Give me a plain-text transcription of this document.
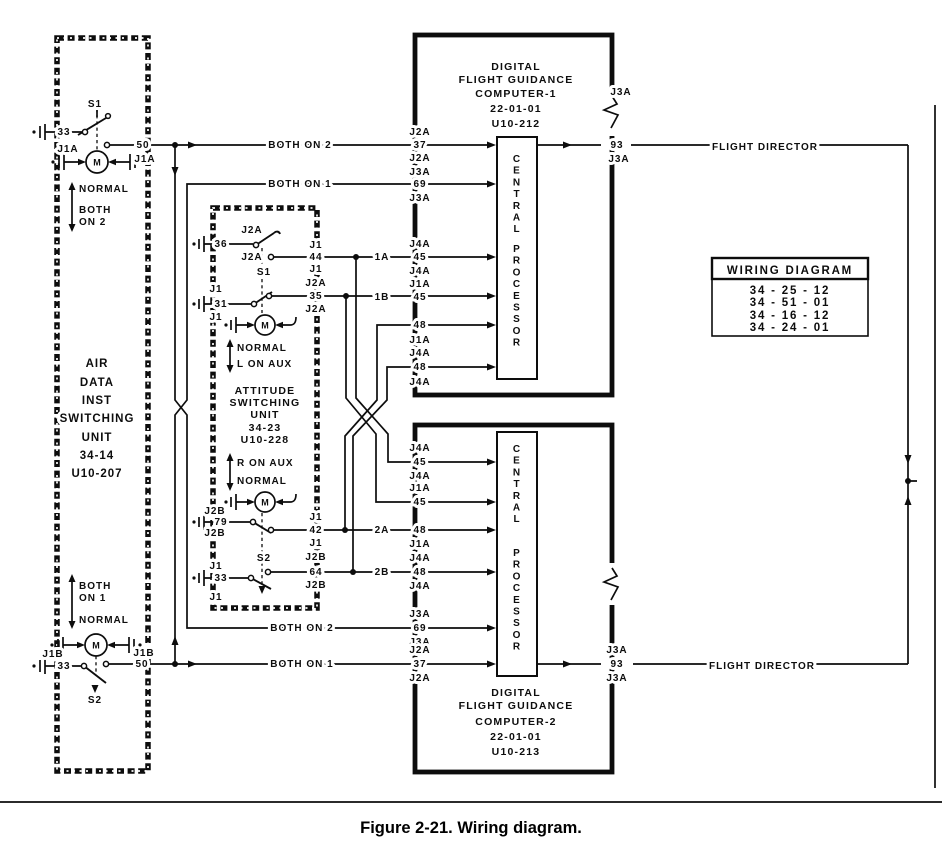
S1
33
J1A	50
J1A
M
NORMAL
BOTH
ON 2
AIR
DATA
INST
SWITCHING
UNIT
34-14
U10-207
BOTH
ON 1
NORMAL
M
J1B
33
J1B
50
S2
J2A
36
J2A
S1
J1
31
J1
M
NORMAL
L ON AUX
ATTITUDE
SWITCHING
UNIT
34-23
U10-228
R ON AUX
NORMAL
M
J2B
79
J2B
S2
J1
33
J1
J1
44
J1
J2A
35
J2A
J1
42
J1
J2B
64
J2B
BOTH ON 2
BOTH ON 1
BOTH ON 2
BOTH ON 1
1A
1B
2A
2B
FLIGHT DIRECTOR
FLIGHT DIRECTOR
DIGITAL
FLIGHT GUIDANCE
COMPUTER-1
22-01-01
U10-212
J3A
C E N T R A L
P R O C E S S O R
J2A
37
J2A
J3A
69
J3A
J4A
45
J4A
J1A
45
48
J1A
J4A
48
J4A
93
J3A
J4A
45
J4A
J1A
45
48
J1A
J4A
48
J4A
J3A
69
J3A
J2A
37
J2A
C E N T R A L
P R O C E S S O R	J3A
93
J3A
DIGITAL
FLIGHT GUIDANCE
COMPUTER-2
22-01-01
U10-213
WIRING DIAGRAM
34 - 25 - 12
34 - 51 - 01
34 - 16 - 12
34 - 24 - 01
Figure 2-21. Wiring diagram.
